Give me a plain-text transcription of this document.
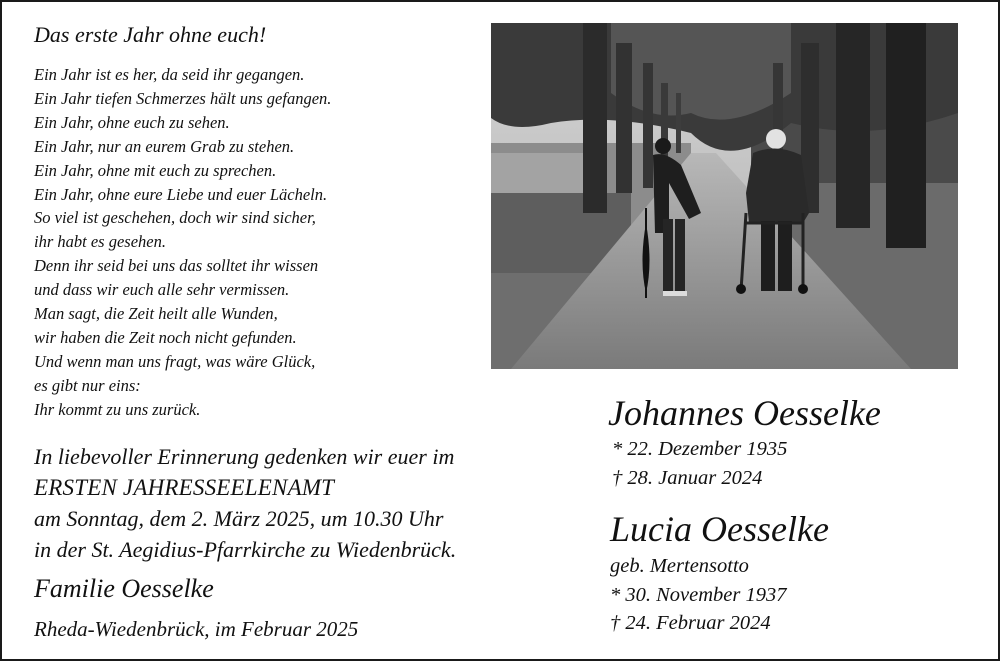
Das erste Jahr ohne euch!
Ein Jahr ist es her, da seid ihr gegangen.
Ein Jahr tiefen Schmerzes hält uns gefangen.
Ein Jahr, ohne euch zu sehen.
Ein Jahr, nur an eurem Grab zu stehen.
Ein Jahr, ohne mit euch zu sprechen.
Ein Jahr, ohne eure Liebe und euer Lächeln.
So viel ist geschehen, doch wir sind sicher,
ihr habt es gesehen.
Denn ihr seid bei uns das solltet ihr wissen
und dass wir euch alle sehr vermissen.
Man sagt, die Zeit heilt alle Wunden,
wir haben die Zeit noch nicht gefunden.
Und wenn man uns fragt, was wäre Glück,
es gibt nur eins:
Ihr kommt zu uns zurück.
In liebevoller Erinnerung gedenken wir euer im
ERSTEN JAHRESSEELENAMT
am Sonntag, dem 2. März 2025, um 10.30 Uhr
in der St. Aegidius-Pfarrkirche zu Wiedenbrück.
Familie Oesselke
Rheda-Wiedenbrück, im Februar 2025
Johannes Oesselke
* 22. Dezember 1935
† 28. Januar 2024
Lucia Oesselke
geb. Mertensotto
* 30. November 1937
† 24. Februar 2024
